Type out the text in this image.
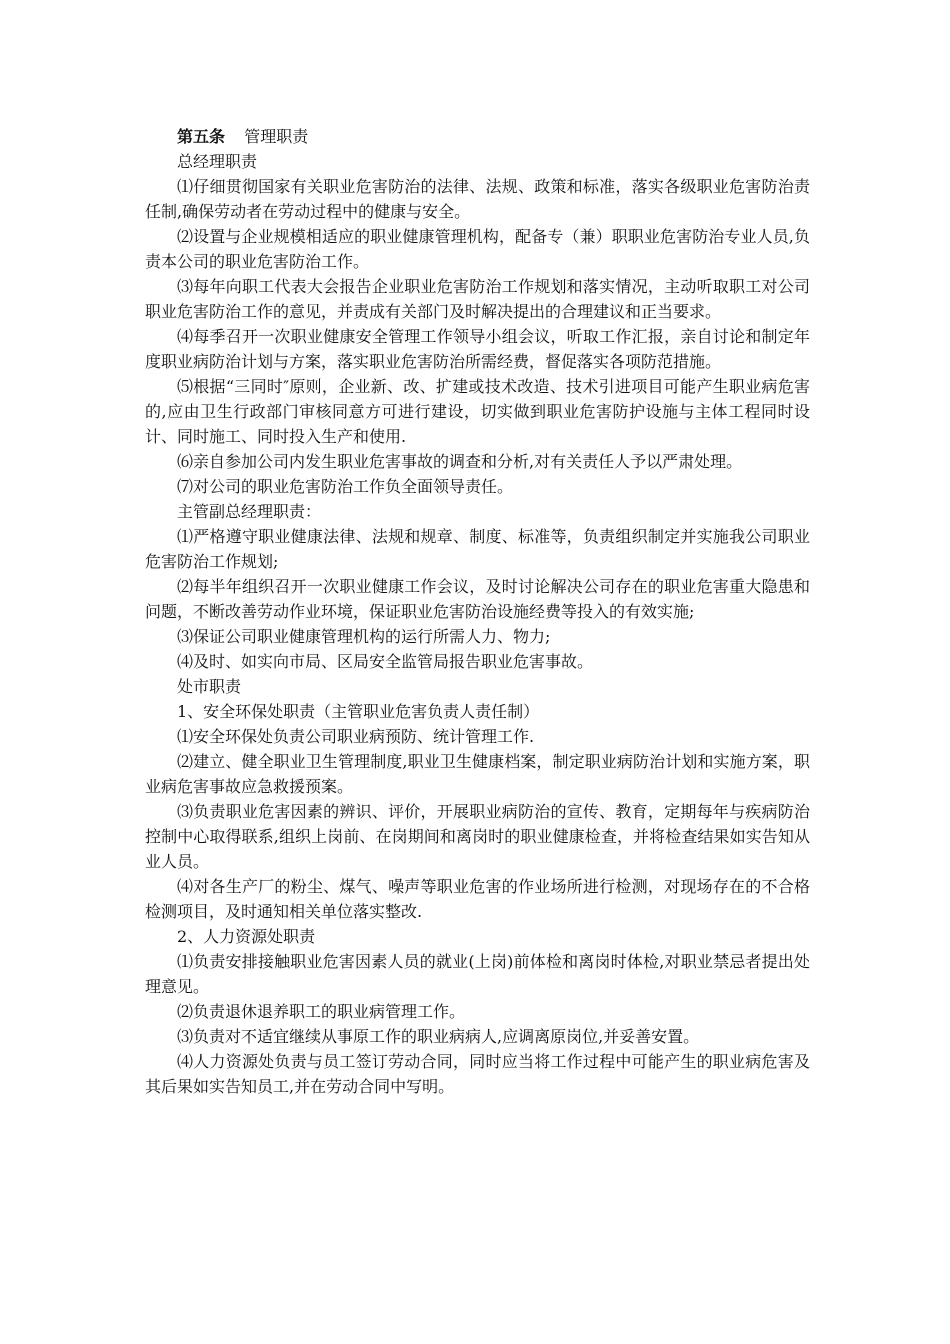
第五条 管理职责

总经理职责

⑴仔细贯彻国家有关职业危害防治的法律、法规、政策和标准，落实各级职业危害防治责任制,确保劳动者在劳动过程中的健康与安全。

⑵设置与企业规模相适应的职业健康管理机构，配备专（兼）职职业危害防治专业人员,负责本公司的职业危害防治工作。

⑶每年向职工代表大会报告企业职业危害防治工作规划和落实情况，主动听取职工对公司职业危害防治工作的意见，并责成有关部门及时解决提出的合理建议和正当要求。

⑷每季召开一次职业健康安全管理工作领导小组会议，听取工作汇报，亲自讨论和制定年度职业病防治计划与方案，落实职业危害防治所需经费，督促落实各项防范措施。

⑸根据“三同时″原则，企业新、改、扩建或技术改造、技术引进项目可能产生职业病危害的,应由卫生行政部门审核同意方可进行建设，切实做到职业危害防护设施与主体工程同时设计、同时施工、同时投入生产和使用.

⑹亲自参加公司内发生职业危害事故的调查和分析,对有关责任人予以严肃处理。

⑺对公司的职业危害防治工作负全面领导责任。

主管副总经理职责：

⑴严格遵守职业健康法律、法规和规章、制度、标准等，负责组织制定并实施我公司职业危害防治工作规划;

⑵每半年组织召开一次职业健康工作会议，及时讨论解决公司存在的职业危害重大隐患和问题，不断改善劳动作业环境，保证职业危害防治设施经费等投入的有效实施;

⑶保证公司职业健康管理机构的运行所需人力、物力;

⑷及时、如实向市局、区局安全监管局报告职业危害事故。

处市职责

1、安全环保处职责（主管职业危害负责人责任制）

⑴安全环保处负责公司职业病预防、统计管理工作.

⑵建立、健全职业卫生管理制度,职业卫生健康档案，制定职业病防治计划和实施方案，职业病危害事故应急救援预案。

⑶负责职业危害因素的辨识、评价，开展职业病防治的宣传、教育，定期每年与疾病防治控制中心取得联系,组织上岗前、在岗期间和离岗时的职业健康检查，并将检查结果如实告知从业人员。

⑷对各生产厂的粉尘、煤气、噪声等职业危害的作业场所进行检测，对现场存在的不合格检测项目，及时通知相关单位落实整改.

2、人力资源处职责

⑴负责安排接触职业危害因素人员的就业(上岗)前体检和离岗时体检,对职业禁忌者提出处理意见。

⑵负责退休退养职工的职业病管理工作。

⑶负责对不适宜继续从事原工作的职业病病人,应调离原岗位,并妥善安置。

⑷人力资源处负责与员工签订劳动合同，同时应当将工作过程中可能产生的职业病危害及其后果如实告知员工,并在劳动合同中写明。
